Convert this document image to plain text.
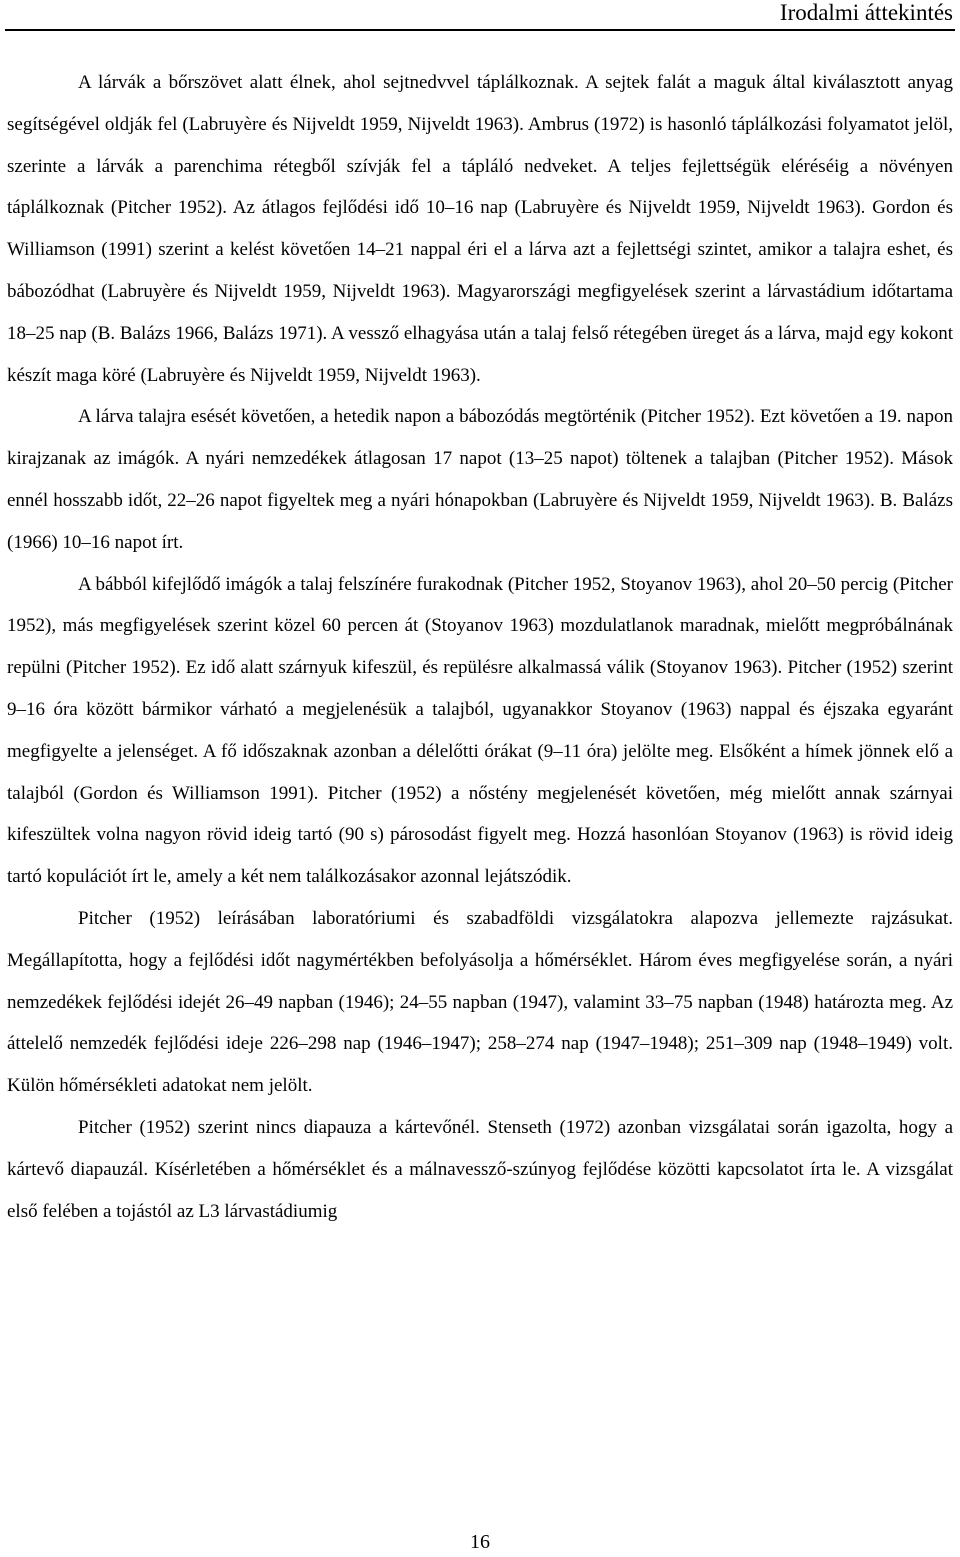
Irodalmi áttekintés

A lárvák a bőrszövet alatt élnek, ahol sejtnedvvel táplálkoznak. A sejtek falát a maguk által kiválasztott anyag segítségével oldják fel (Labruyère és Nijveldt 1959, Nijveldt 1963). Ambrus (1972) is hasonló táplálkozási folyamatot jelöl, szerinte a lárvák a parenchima rétegből szívják fel a tápláló nedveket. A teljes fejlettségük eléréséig a növényen táplálkoznak (Pitcher 1952). Az átlagos fejlődési idő 10–16 nap (Labruyère és Nijveldt 1959, Nijveldt 1963). Gordon és Williamson (1991) szerint a kelést követően 14–21 nappal éri el a lárva azt a fejlettségi szintet, amikor a talajra eshet, és bábozódhat (Labruyère és Nijveldt 1959, Nijveldt 1963). Magyarországi megfigyelések szerint a lárvastádium időtartama 18–25 nap (B. Balázs 1966, Balázs 1971). A vessző elhagyása után a talaj felső rétegében üreget ás a lárva, majd egy kokont készít maga köré (Labruyère és Nijveldt 1959, Nijveldt 1963).

A lárva talajra esését követően, a hetedik napon a bábozódás megtörténik (Pitcher 1952). Ezt követően a 19. napon kirajzanak az imágók. A nyári nemzedékek átlagosan 17 napot (13–25 napot) töltenek a talajban (Pitcher 1952). Mások ennél hosszabb időt, 22–26 napot figyeltek meg a nyári hónapokban (Labruyère és Nijveldt 1959, Nijveldt 1963). B. Balázs (1966) 10–16 napot írt.

A bábból kifejlődő imágók a talaj felszínére furakodnak (Pitcher 1952, Stoyanov 1963), ahol 20–50 percig (Pitcher 1952), más megfigyelések szerint közel 60 percen át (Stoyanov 1963) mozdulatlanok maradnak, mielőtt megpróbálnának repülni (Pitcher 1952). Ez idő alatt szárnyuk kifeszül, és repülésre alkalmassá válik (Stoyanov 1963). Pitcher (1952) szerint 9–16 óra között bármikor várható a megjelenésük a talajból, ugyanakkor Stoyanov (1963) nappal és éjszaka egyaránt megfigyelte a jelenséget. A fő időszaknak azonban a délelőtti órákat (9–11 óra) jelölte meg. Elsőként a hímek jönnek elő a talajból (Gordon és Williamson 1991). Pitcher (1952) a nőstény megjelenését követően, még mielőtt annak szárnyai kifeszültek volna nagyon rövid ideig tartó (90 s) párosodást figyelt meg. Hozzá hasonlóan Stoyanov (1963) is rövid ideig tartó kopulációt írt le, amely a két nem találkozásakor azonnal lejátszódik.

Pitcher (1952) leírásában laboratóriumi és szabadföldi vizsgálatokra alapozva jellemezte rajzásukat. Megállapította, hogy a fejlődési időt nagymértékben befolyásolja a hőmérséklet. Három éves megfigyelése során, a nyári nemzedékek fejlődési idejét 26–49 napban (1946); 24–55 napban (1947), valamint 33–75 napban (1948) határozta meg. Az áttelelő nemzedék fejlődési ideje 226–298 nap (1946–1947); 258–274 nap (1947–1948); 251–309 nap (1948–1949) volt. Külön hőmérsékleti adatokat nem jelölt.

Pitcher (1952) szerint nincs diapauza a kártevőnél. Stenseth (1972) azonban vizsgálatai során igazolta, hogy a kártevő diapauzál. Kísérletében a hőmérséklet és a málnavessző-szúnyog fejlődése közötti kapcsolatot írta le. A vizsgálat első felében a tojástól az L3 lárvastádiumig

16
